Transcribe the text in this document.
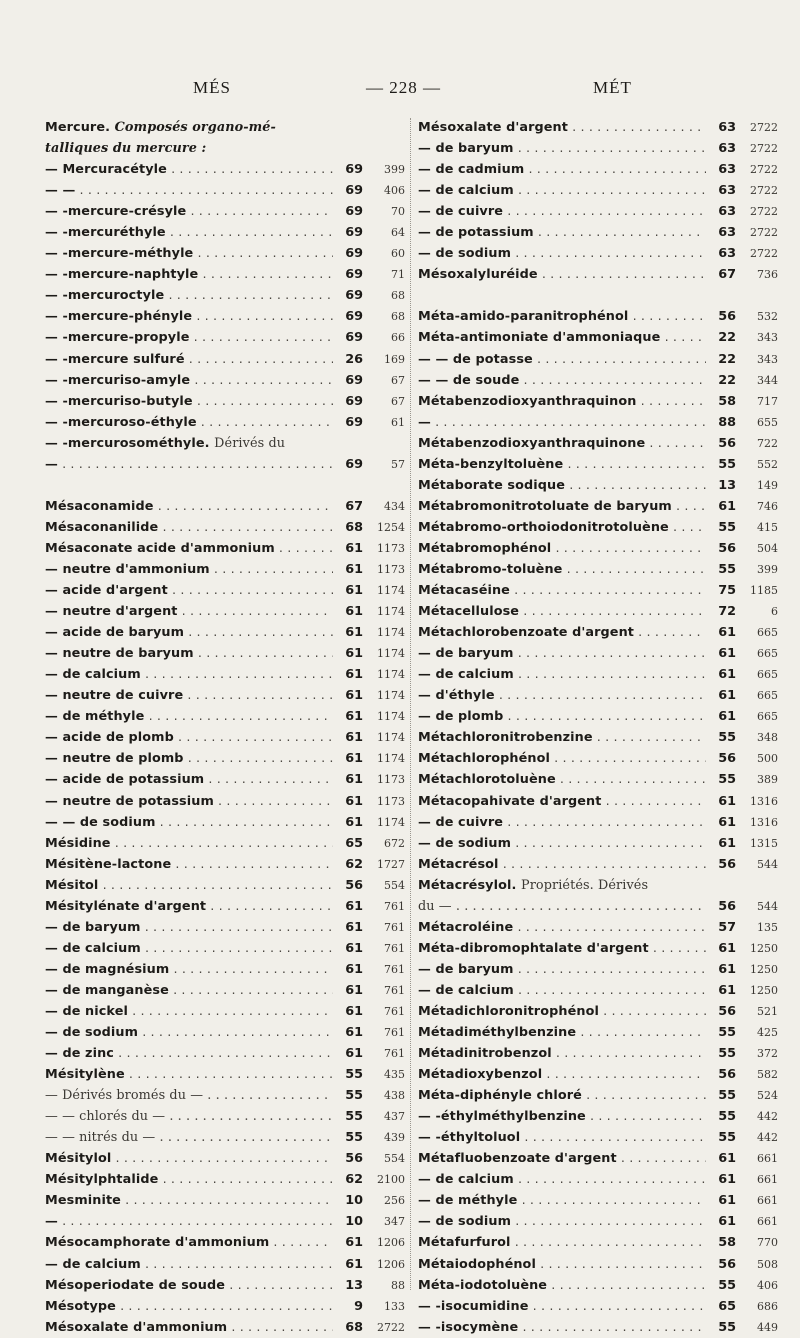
MÉS	— 228 —	MÉT
Mercure. Composés organo-mé-
talliques du mercure :
— Mercuracétyle . . .	69	399
— — . . .	69	406
— -mercure-crésyle . . .	69	70
— -mercuréthyle . . .	69	64
— -mercure-méthyle . . .	69	60
— -mercure-naphtyle . . .	69	71
— -mercuroctyle . . .	69	68
— -mercure-phényle . . .	69	68
— -mercure-propyle . . .	69	66
— -mercure sulfuré . . .	26	169
— -mercuriso-amyle . . .	69	67
— -mercuriso-butyle . . .	69	67
— -mercuroso-éthyle . . .	69	61
— -mercurosométhyle. Dérivés du
— . . .	69	57
Mésaconamide . . .	67	434
Mésaconanilide . . .	68	1254
Mésaconate acide d'ammonium . . .	61	1173
— neutre d'ammonium . . .	61	1173
— acide d'argent . . .	61	1174
— neutre d'argent . . .	61	1174
— acide de baryum . . .	61	1174
— neutre de baryum . . .	61	1174
— de calcium . . .	61	1174
— neutre de cuivre . . .	61	1174
— de méthyle . . .	61	1174
— acide de plomb . . .	61	1174
— neutre de plomb . . .	61	1174
— acide de potassium . . .	61	1173
— neutre de potassium . . .	61	1173
— — de sodium . . .	61	1174
Mésidine . . .	65	672
Mésitène-lactone . . .	62	1727
Mésitol . . .	56	554
Mésitylénate d'argent . . .	61	761
— de baryum . . .	61	761
— de calcium . . .	61	761
— de magnésium . . .	61	761
— de manganèse . . .	61	761
— de nickel . . .	61	761
— de sodium . . .	61	761
— de zinc . . .	61	761
Mésitylène . . .	55	435
— Dérivés bromés du — . . .	55	438
— — chlorés du — . . .	55	437
— — nitrés du — . . .	55	439
Mésitylol . . .	56	554
Mésitylphtalide . . .	62	2100
Mesminite . . .	10	256
— . . .	10	347
Mésocamphorate d'ammonium . . .	61	1206
— de calcium . . .	61	1206
Mésoperiodate de soude . . .	13	88
Mésotype . . .	9	133
Mésoxalate d'ammonium . . .	68	2722
Mésoxalate d'argent . . .	63	2722
— de baryum . . .	63	2722
— de cadmium . . .	63	2722
— de calcium . . .	63	2722
— de cuivre . . .	63	2722
— de potassium . . .	63	2722
— de sodium . . .	63	2722
Mésoxalyluréide . . .	67	736
Méta-amido-paranitrophénol . . .	56	532
Méta-antimoniate d'ammoniaque . . .	22	343
— — de potasse . . .	22	343
— — de soude . . .	22	344
Métabenzodioxyanthraquinon . . .	58	717
— . . .	88	655
Métabenzodioxyanthraquinone . . .	56	722
Méta-benzyltoluène . . .	55	552
Métaborate sodique . . .	13	149
Métabromonitrotoluate de baryum . . .	61	746
Métabromo-orthoiodonitrotoluène . . .	55	415
Métabromophénol . . .	56	504
Métabromo-toluène . . .	55	399
Métacaséine . . .	75	1185
Métacellulose . . .	72	6
Métachlorobenzoate d'argent . . .	61	665
— de baryum . . .	61	665
— de calcium . . .	61	665
— d'éthyle . . .	61	665
— de plomb . . .	61	665
Métachloronitrobenzine . . .	55	348
Métachlorophénol . . .	56	500
Métachlorotoluène . . .	55	389
Métacopahivate d'argent . . .	61	1316
— de cuivre . . .	61	1316
— de sodium . . .	61	1315
Métacrésol . . .	56	544
Métacrésylol. Propriétés. Dérivés
du — . . .	56	544
Métacroléine . . .	57	135
Méta-dibromophtalate d'argent . . .	61	1250
— de baryum . . .	61	1250
— de calcium . . .	61	1250
Métadichloronitrophénol . . .	56	521
Métadiméthylbenzine . . .	55	425
Métadinitrobenzol . . .	55	372
Métadioxybenzol . . .	56	582
Méta-diphényle chloré . . .	55	524
— -éthylméthylbenzine . . .	55	442
— -éthyltoluol . . .	55	442
Métafluobenzoate d'argent . . .	61	661
— de calcium . . .	61	661
— de méthyle . . .	61	661
— de sodium . . .	61	661
Métafurfurol . . .	58	770
Métaiodophénol . . .	56	508
Méta-iodotoluène . . .	55	406
— -isocumidine . . .	65	686
— -isocymène . . .	55	449
